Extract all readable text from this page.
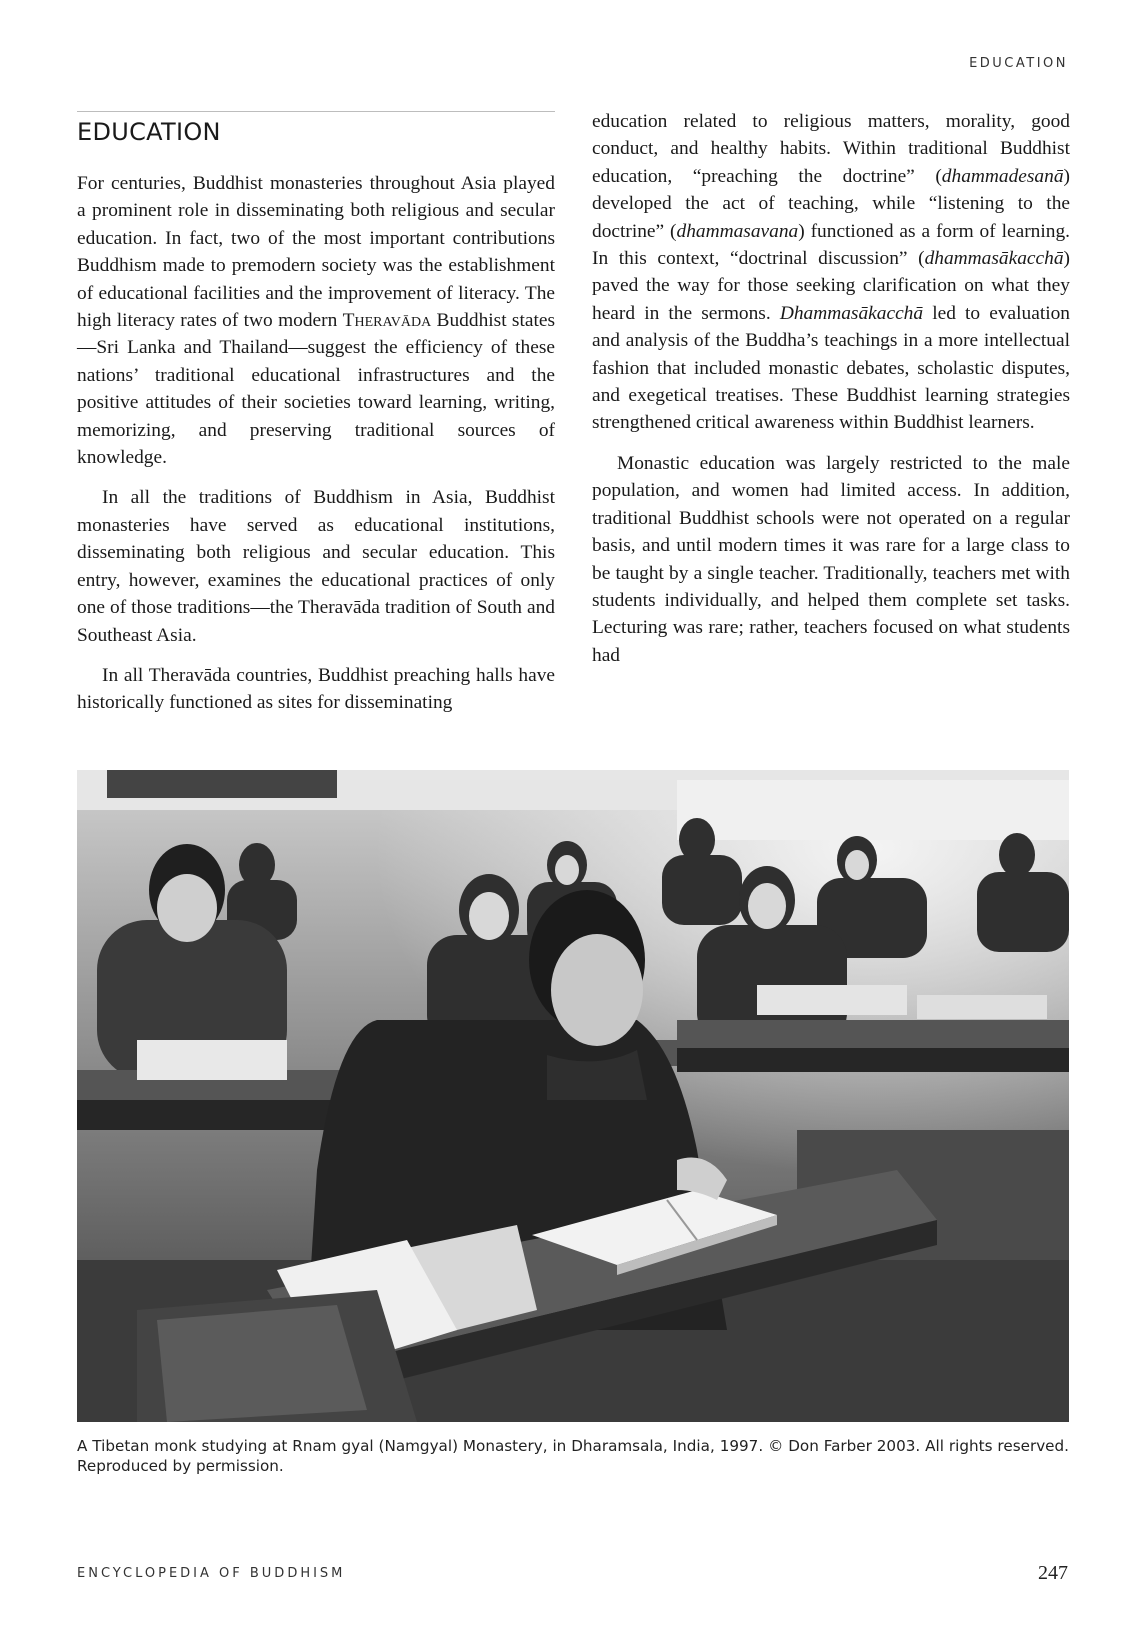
EDUCATION
EDUCATION

For centuries, Buddhist monasteries throughout Asia played a prominent role in disseminating both religious and secular education. In fact, two of the most important contributions Buddhism made to premodern society was the establishment of educational facilities and the improvement of literacy. The high literacy rates of two modern Theravāda Buddhist states—Sri Lanka and Thailand—suggest the efficiency of these nations’ traditional educational infrastructures and the positive attitudes of their societies toward learning, writing, memorizing, and preserving traditional sources of knowledge.

In all the traditions of Buddhism in Asia, Buddhist monasteries have served as educational institutions, disseminating both religious and secular education. This entry, however, examines the educational practices of only one of those traditions—the Theravāda tradition of South and Southeast Asia.

In all Theravāda countries, Buddhist preaching halls have historically functioned as sites for disseminating

education related to religious matters, morality, good conduct, and healthy habits. Within traditional Buddhist education, “preaching the doctrine” (dhammadesanā) developed the act of teaching, while “listening to the doctrine” (dhammasavana) functioned as a form of learning. In this context, “doctrinal discussion” (dhammasākacchā) paved the way for those seeking clarification on what they heard in the sermons. Dhammasākacchā led to evaluation and analysis of the Buddha’s teachings in a more intellectual fashion that included monastic debates, scholastic disputes, and exegetical treatises. These Buddhist learning strategies strengthened critical awareness within Buddhist learners.

Monastic education was largely restricted to the male population, and women had limited access. In addition, traditional Buddhist schools were not operated on a regular basis, and until modern times it was rare for a large class to be taught by a single teacher. Traditionally, teachers met with students individually, and helped them complete set tasks. Lecturing was rare; rather, teachers focused on what students had

A Tibetan monk studying at Rnam gyal (Namgyal) Monastery, in Dharamsala, India, 1997. © Don Farber 2003. All rights reserved. Reproduced by permission.

ENCYCLOPEDIA OF BUDDHISM	247
